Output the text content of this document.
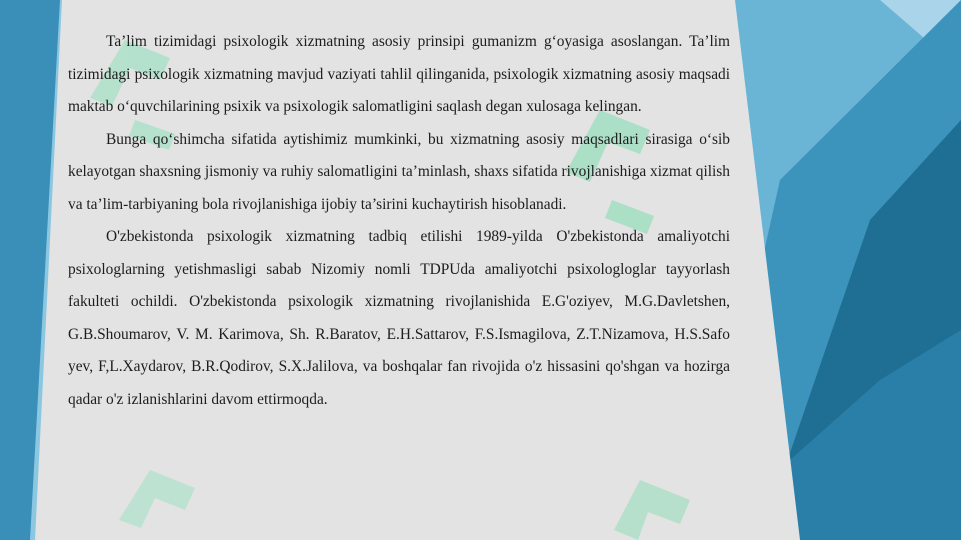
Ta’lim tizimidagi psixologik xizmatning asosiy prinsipi gumanizm g‘oyasiga asoslangan. Ta’lim tizimidagi psixologik xizmatning mavjud vaziyati tahlil qilinganida, psixologik xizmatning asosiy maqsadi maktab o‘quvchilarining psixik va psixologik salomatligini saqlash degan xulosaga kelingan.

Bunga qo‘shimcha sifatida aytishimiz mumkinki, bu xizmatning asosiy maqsadlari sirasiga o‘sib kelayotgan shaxsning jismoniy va ruhiy salomatligini ta’minlash, shaxs sifatida rivojlanishiga xizmat qilish va ta’lim-tarbiyaning bola rivojlanishiga ijobiy ta’sirini kuchaytirish hisoblanadi.

O'zbekistonda psixologik xizmatning tadbiq etilishi 1989-yilda O'zbekistonda amaliyotchi psixologlarning yetishmasligi sabab Nizomiy nomli TDPUda amaliyotchi psixologloglar tayyorlash fakulteti ochildi. O'zbekistonda psixologik xizmatning rivojlanishida E.G'oziyev, M.G.Davletshen, G.B.Shoumarov, V. M. Karimova, Sh. R.Baratov, E.H.Sattarov, F.S.Ismagilova, Z.T.Nizamova, H.S.Safo yev, F,L.Xaydarov, B.R.Qodirov, S.X.Jalilova, va boshqalar fan rivojida o'z hissasini qo'shgan va hozirga qadar o'z izlanishlarini davom ettirmoqda.
